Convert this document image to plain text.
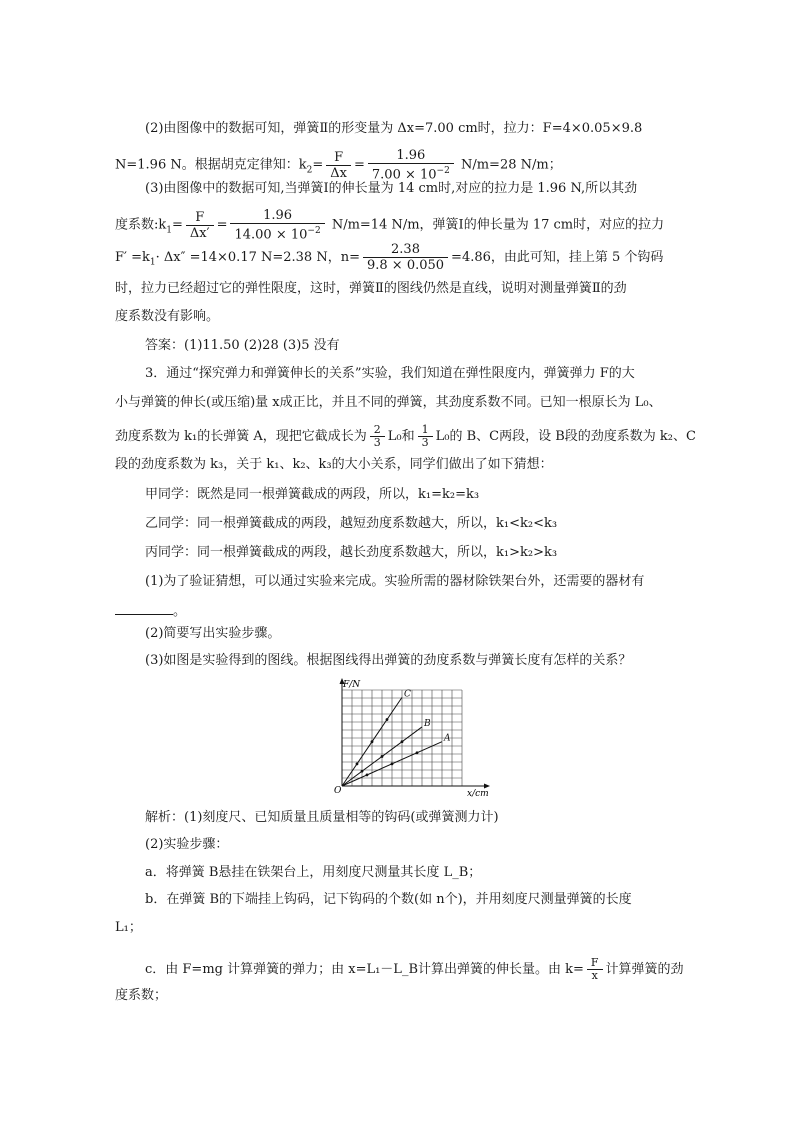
(2)由图像中的数据可知，弹簧Ⅱ的形变量为 Δx=7.00 cm时，拉力：F=4×0.05×9.8
N=1.96 N。根据胡克定律知：$k_2= \frac{F}{\Delta x} = \frac{1.96}{7.00 \times 10^{-2}} N/m=28$ N/m；
(3)由图像中的数据可知,当弹簧Ⅰ的伸长量为 14 cm时,对应的拉力是 1.96 N,所以其劲
度系数$:k_1= \frac{F}{\Delta x'} = \frac{1.96}{14.00 \times 10^{-2}} N/m=14$ N/m，弹簧Ⅰ的伸长量为 17 cm时，对应的拉力
$F' =k_1\cdot \Delta x'' =14\times 0.17$ N=2.38 N，$n= \frac{2.38}{9.8 \times 0.050} =4.86$，由此可知，挂上第 5 个钩码
时，拉力已经超过它的弹性限度，这时，弹簧Ⅱ的图线仍然是直线，说明对测量弹簧Ⅱ的劲
度系数没有影响。
答案：(1)11.50 (2)28 (3)5 没有
3．通过“探究弹力和弹簧伸长的关系”实验，我们知道在弹性限度内，弹簧弹力 F的大
小与弹簧的伸长(或压缩)量 x成正比，并且不同的弹簧，其劲度系数不同。已知一根原长为 L₀、
劲度系数为 k₁的长弹簧 A，现把它截成长为 $\frac{2}{3} L_0$和 $\frac{1}{3} L_0$的 B、C两段，设 B段的劲度系数为 k₂、C
段的劲度系数为 k₃，关于 k₁、k₂、k₃的大小关系，同学们做出了如下猜想：
甲同学：既然是同一根弹簧截成的两段，所以，k₁=k₂=k₃
乙同学：同一根弹簧截成的两段，越短劲度系数越大，所以，k₁<k₂<k₃
丙同学：同一根弹簧截成的两段，越长劲度系数越大，所以，k₁>k₂>k₃
(1)为了验证猜想，可以通过实验来完成。实验所需的器材除铁架台外，还需要的器材有
。
(2)简要写出实验步骤。
(3)如图是实验得到的图线。根据图线得出弹簧的劲度系数与弹簧长度有怎样的关系？
C
B
A
F/N
x/cm
O
解析：(1)刻度尺、已知质量且质量相等的钩码(或弹簧测力计)
(2)实验步骤：
a．将弹簧 B悬挂在铁架台上，用刻度尺测量其长度 L_B；
b．在弹簧 B的下端挂上钩码，记下钩码的个数(如 n个)，并用刻度尺测量弹簧的长度
L₁；
c．由 F=mg 计算弹簧的弹力；由 x=L₁－L_B计算出弹簧的伸长量。由 $k= \frac{F}{x}$ 计算弹簧的劲
度系数；
